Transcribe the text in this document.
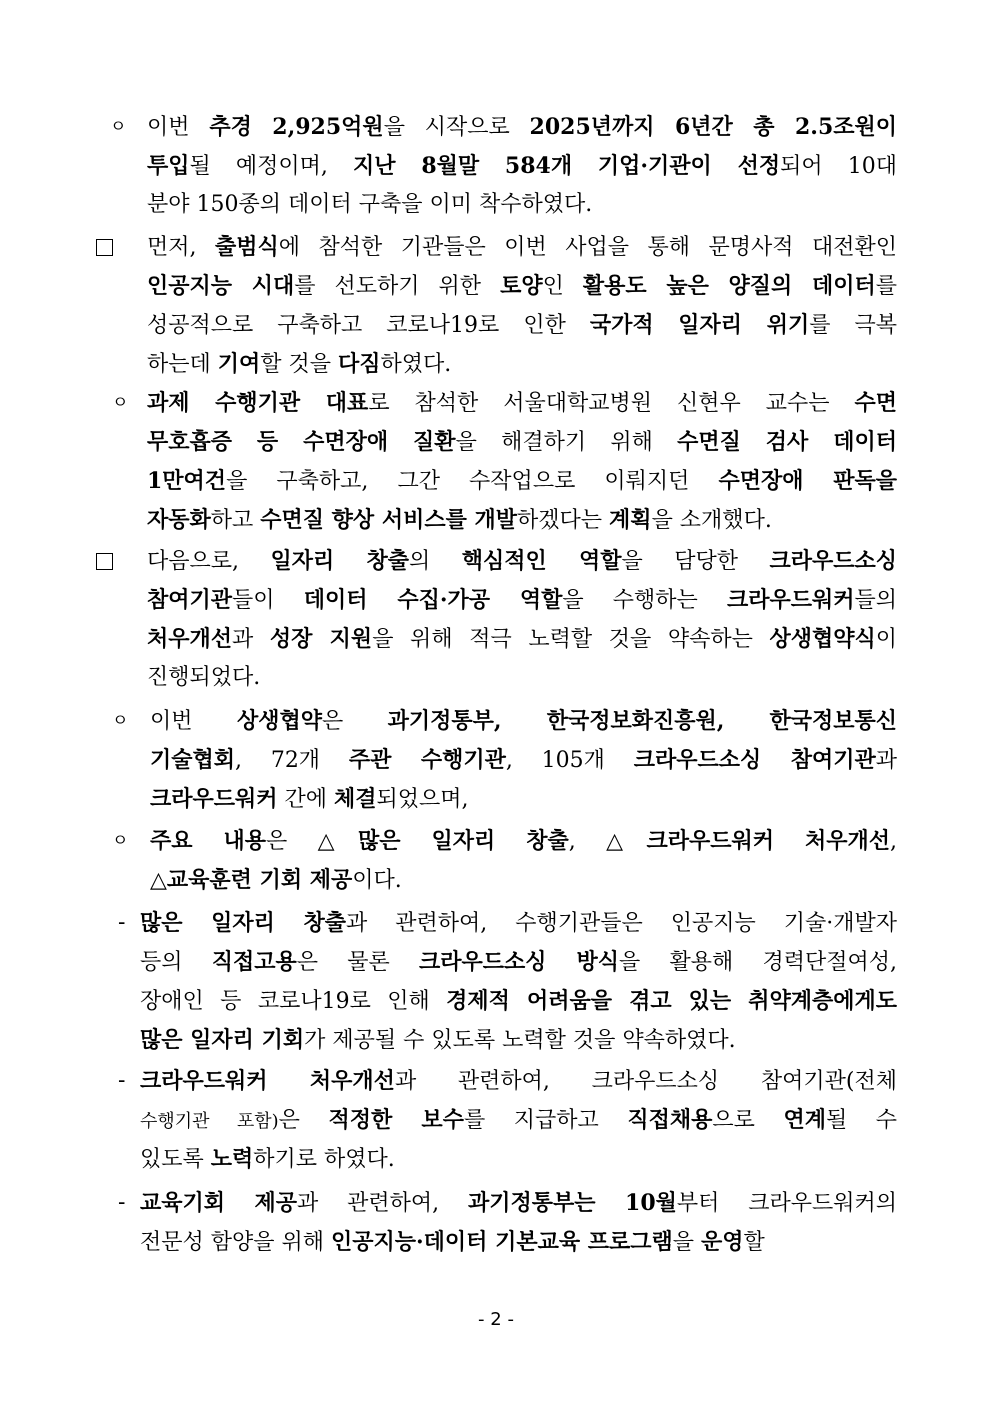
ㅇ 이번 추경 2,925억원을 시작으로 2025년까지 6년간 총 2.5조원이
투입될 예정이며, 지난 8월말 584개 기업·기관이 선정되어 10대
분야 150종의 데이터 구축을 이미 착수하였다.
먼저, 출범식에 참석한 기관들은 이번 사업을 통해 문명사적 대전환인
인공지능 시대를 선도하기 위한 토양인 활용도 높은 양질의 데이터를
성공적으로 구축하고 코로나19로 인한 국가적 일자리 위기를 극복
하는데 기여할 것을 다짐하였다.
ㅇ 과제 수행기관 대표로 참석한 서울대학교병원 신현우 교수는 수면
무호흡증 등 수면장애 질환을 해결하기 위해 수면질 검사 데이터
1만여건을 구축하고, 그간 수작업으로 이뤄지던 수면장애 판독을
자동화하고 수면질 향상 서비스를 개발하겠다는 계획을 소개했다.
다음으로, 일자리 창출의 핵심적인 역할을 담당한 크라우드소싱
참여기관들이 데이터 수집·가공 역할을 수행하는 크라우드워커들의
처우개선과 성장 지원을 위해 적극 노력할 것을 약속하는 상생협약식이
진행되었다.
ㅇ 이번 상생협약은 과기정통부, 한국정보화진흥원, 한국정보통신
기술협회, 72개 주관 수행기관, 105개 크라우드소싱 참여기관과
크라우드워커 간에 체결되었으며,
ㅇ 주요 내용은 △많은 일자리 창출, △크라우드워커 처우개선,
△교육훈련 기회 제공이다.
- 많은 일자리 창출과 관련하여, 수행기관들은 인공지능 기술·개발자
등의 직접고용은 물론 크라우드소싱 방식을 활용해 경력단절여성,
장애인 등 코로나19로 인해 경제적 어려움을 겪고 있는 취약계층에게도
많은 일자리 기회가 제공될 수 있도록 노력할 것을 약속하였다.
- 크라우드워커 처우개선과 관련하여, 크라우드소싱 참여기관(전체
수행기관 포함)은 적정한 보수를 지급하고 직접채용으로 연계될 수
있도록 노력하기로 하였다.
- 교육기회 제공과 관련하여, 과기정통부는 10월부터 크라우드워커의
전문성 함양을 위해 인공지능·데이터 기본교육 프로그램을 운영할
- 2 -
